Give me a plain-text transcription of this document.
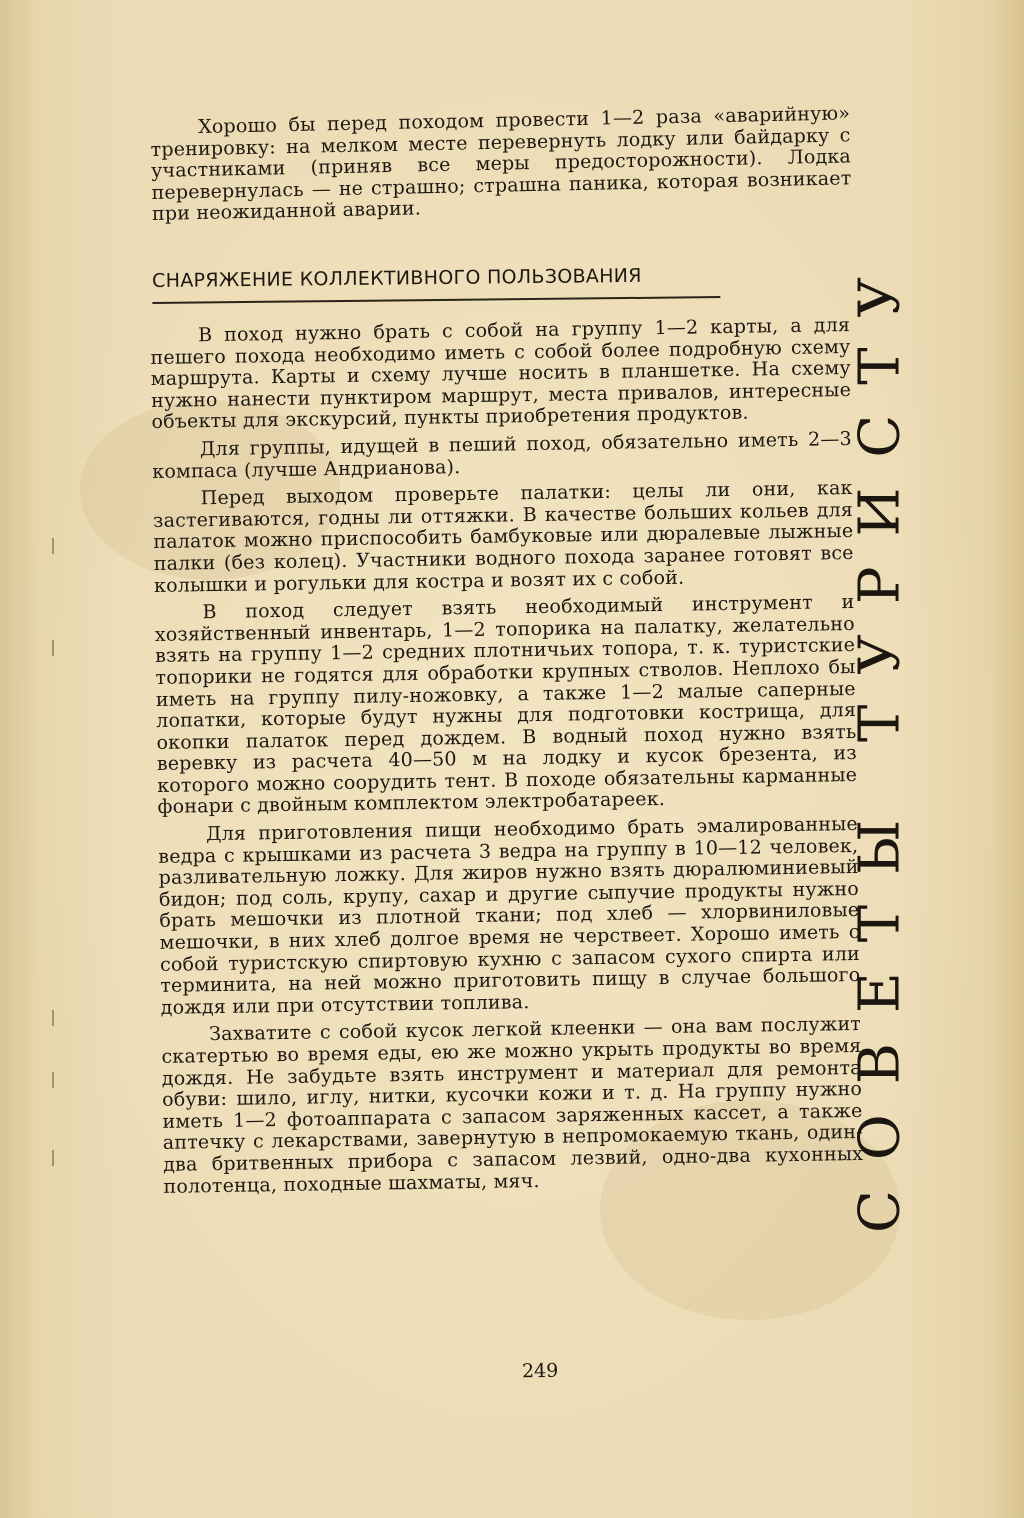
Хорошо бы перед походом провести 1—2 раза «аварийную» тренировку: на мелком месте перевернуть лодку или байдарку с участниками (приняв все меры предосторожности). Лодка перевернулась — не страшно; страшна паника, которая возникает при неожиданной аварии.

СНАРЯЖЕНИЕ КОЛЛЕКТИВНОГО ПОЛЬЗОВАНИЯ

В поход нужно брать с собой на группу 1—2 карты, а для пешего похода необходимо иметь с собой более подробную схему маршрута. Карты и схему лучше носить в планшетке. На схему нужно нанести пунктиром маршрут, места привалов, интересные объекты для экскурсий, пункты приобретения продуктов.

Для группы, идущей в пеший поход, обязательно иметь 2—3 компаса (лучше Андрианова).

Перед выходом проверьте палатки: целы ли они, как застегиваются, годны ли оттяжки. В качестве больших кольев для палаток можно приспособить бамбуковые или дюралевые лыжные палки (без колец). Участники водного похода заранее готовят все колышки и рогульки для костра и возят их с собой.

В поход следует взять необходимый инструмент и хозяйственный инвентарь, 1—2 топорика на палатку, желательно взять на группу 1—2 средних плотничьих топора, т. к. туристские топорики не годятся для обработки крупных стволов. Неплохо бы иметь на группу пилу-ножовку, а также 1—2 малые саперные лопатки, которые будут нужны для подготовки кострища, для окопки палаток перед дождем. В водный поход нужно взять веревку из расчета 40—50 м на лодку и кусок брезента, из которого можно соорудить тент. В походе обязательны карманные фонари с двойным комплектом электробатареек.

Для приготовления пищи необходимо брать эмалированные ведра с крышками из расчета 3 ведра на группу в 10—12 человек, разливательную ложку. Для жиров нужно взять дюралюминиевый бидон; под соль, крупу, сахар и другие сыпучие продукты нужно брать мешочки из плотной ткани; под хлеб — хлорвиниловые мешочки, в них хлеб долгое время не черствеет. Хорошо иметь с собой туристскую спиртовую кухню с запасом сухого спирта или терминита, на ней можно приготовить пищу в случае большого дождя или при отсутствии топлива.

Захватите с собой кусок легкой клеенки — она вам послужит скатертью во время еды, ею же можно укрыть продукты во время дождя. Не забудьте взять инструмент и материал для ремонта обуви: шило, иглу, нитки, кусочки кожи и т. д. На группу нужно иметь 1—2 фотоаппарата с запасом заряженных кассет, а также аптечку с лекарствами, завернутую в непромокаемую ткань, один-два бритвенных прибора с запасом лезвий, одно-два кухонных полотенца, походные шахматы, мяч.

249
СОВЕТЫ ТУРИСТУ
